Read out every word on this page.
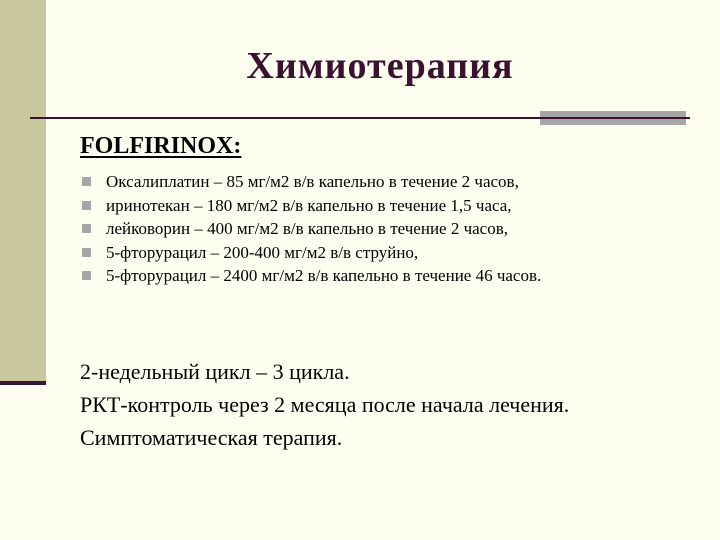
Химиотерапия
FOLFIRINOX:
Оксалиплатин – 85 мг/м2 в/в капельно в течение 2 часов,
иринотекан – 180 мг/м2 в/в капельно в течение 1,5 часа,
лейковорин – 400 мг/м2 в/в капельно в течение 2 часов,
5-фторурацил – 200-400 мг/м2 в/в струйно,
5-фторурацил – 2400 мг/м2 в/в капельно в течение 46 часов.
2-недельный цикл – 3 цикла.
РКТ-контроль через 2 месяца после начала лечения.
Симптоматическая терапия.
